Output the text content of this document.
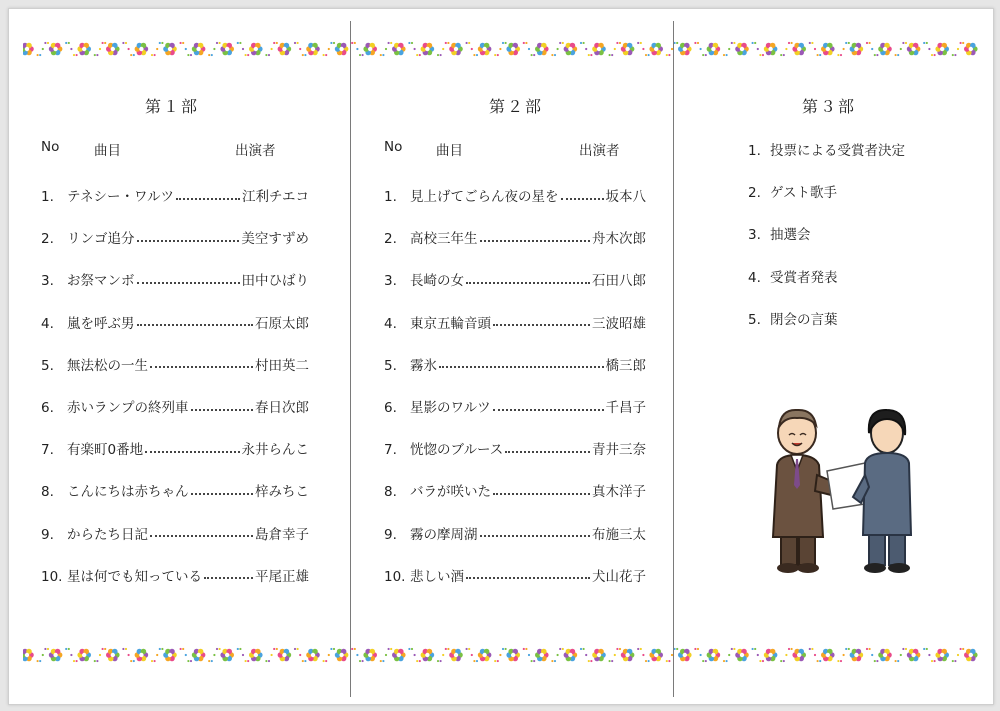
第１部
No	曲目	出演者
1. テネシー・ワルツ	江利チエコ
2. リンゴ追分	美空すずめ
3. お祭マンボ	田中ひばり
4. 嵐を呼ぶ男	石原太郎
5. 無法松の一生	村田英二
6. 赤いランプの終列車	春日次郎
7. 有楽町0番地	永井らんこ
8. こんにちは赤ちゃん	梓みちこ
9. からたち日記	島倉幸子
10. 星は何でも知っている	平尾正雄
第２部
No 曲目	出演者
1. 見上げてごらん夜の星を	坂本八
2. 高校三年生	舟木次郎
3. 長崎の女	石田八郎
4. 東京五輪音頭	三波昭雄
5. 霧氷	橋三郎
6. 星影のワルツ	千昌子
7. 恍惚のブルース	青井三奈
8. バラが咲いた	真木洋子
9. 霧の摩周湖	布施三太
10. 悲しい酒	犬山花子
第３部
1. 投票による受賞者決定
2. ゲスト歌手
3. 抽選会
4. 受賞者発表
5. 閉会の言葉
